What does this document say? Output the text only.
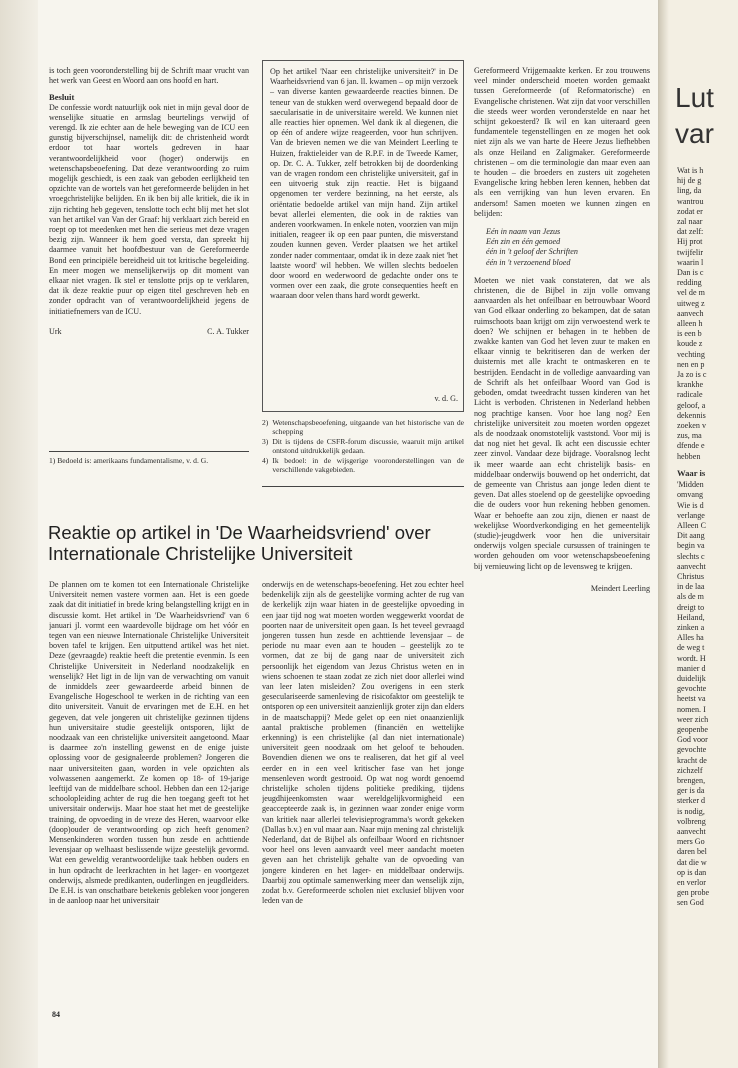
is toch geen vooronderstelling bij de Schrift maar vrucht van het werk van Geest en Woord aan ons hoofd en hart.

Besluit

De confessie wordt natuurlijk ook niet in mijn geval door de wenselijke situatie en armslag beurtelings verwijd of verengd. Ik zie echter aan de hele beweging van de ICU een gunstig bijverschijnsel, namelijk dit: de christenheid wordt erdoor tot haar wortels gedreven in haar verantwoordelijkheid voor (hoger) onderwijs en wetenschapsbeoefening. Dat deze verantwoording zo ruim mogelijk geschiedt, is een zaak van geboden eerlijkheid ten opzichte van de wortels van het gereformeerde belijden in het vroegchristelijke belijden. En ik ben bij alle kritiek, die ik in zijn richting heb gegeven, tenslotte toch echt blij met het slot van het artikel van Van der Graaf: hij verklaart zich bereid en roept op tot meedenken met hen die serieus met deze vragen bezig zijn. Wanneer ik hem goed versta, dan spreekt hij daarmee vanuit het hoofdbestuur van de Gereformeerde Bond een principiële bereidheid uit tot kritische begeleiding. En meer mogen we menselijkerwijs op dit moment van elkaar niet vragen. Ik stel er tenslotte prijs op te verklaren, dat ik deze reaktie puur op eigen titel geschreven heb en zonder opdracht van of verantwoordelijkheid jegens de initiatiefnemers van de ICU.

Urk	C. A. Tukker
1) Bedoeld is: amerikaans fundamentalisme, v. d. G.
Op het artikel 'Naar een christelijke universiteit?' in De Waarheidsvriend van 6 jan. ll. kwamen – op mijn verzoek – van diverse kanten gewaardeerde reacties binnen. De teneur van de stukken werd overwegend bepaald door de saecularisatie in de universitaire wereld. We kunnen niet alle reacties hier opnemen. Wel dank ik al diegenen, die op één of andere wijze reageerden, voor hun schrijven. Van de brieven nemen we die van Meindert Leerling te Huizen, fraktieleider van de R.P.F. in de Tweede Kamer, op. Dr. C. A. Tukker, zelf betrokken bij de doordenking van de vragen rondom een christelijke universiteit, gaf in een uitvoerig stuk zijn reactie. Het is bijgaand opgenomen ter verdere bezinning, na het eerste, als oriëntatie bedoelde artikel van mijn hand. Zijn artikel bevat allerlei elementen, die ook in de rakties van anderen voorkwamen. In enkele noten, voorzien van mijn initialen, reageer ik op een paar punten, die misverstand zouden kunnen geven. Verder plaatsen we het artikel zonder nader commentaar, omdat ik in deze zaak niet 'het laatste woord' wil hebben. We willen slechts bedoelen door woord en wederwoord de gedachte onder ons te vormen over een zaak, die grote consequenties heeft en waaraan door velen thans hard wordt gewerkt.
v. d. G.
2) Wetenschapsbeoefening, uitgaande van het historische van de schepping
3) Dit is tijdens de CSFR-forum discussie, waaruit mijn artikel ontstond uitdrukkelijk gedaan.
4) Ik bedoel: in de wijsgerige vooronderstellingen van de verschillende vakgebieden.

Gereformeerd Vrijgemaakte kerken. Er zou trouwens veel minder onderscheid moeten worden gemaakt tussen Gereformeerde (of Reformatorische) en Evangelische christenen. Wat zijn dat voor verschillen die steeds weer worden veronderstelde en naar het schijnt gekoesterd? Ik wil en kan uiteraard geen fundamentele tegenstellingen en ze mogen het ook niet zijn als we van harte de Heere Jezus liefhebben als onze Heiland en Zaligmaker. Gereformeerde christenen – om die terminologie dan maar even aan te houden – die broeders en zusters uit zogeheten Evangelische kring hebben leren kennen, hebben dat als een verrijking van hun leven ervaren. En andersom! Samen moeten we kunnen zingen en belijden:

Eén in naam van Jezus
Eén zin en één gemoed
één in 't geloof der Schriften
één in 't verzoenend bloed

Moeten we niet vaak constateren, dat we als christenen, die de Bijbel in zijn volle omvang aanvaarden als het onfeilbaar en betrouwbaar Woord van God elkaar onderling zo bekampen, dat de satan ruimschoots baan krijgt om zijn verwoestend werk te doen? We schijnen er behagen in te hebben de zwakke kanten van God het leven zuur te maken en elkaar vinnig te bekritiseren dan de werken der duisternis met alle kracht te ontmaskeren en te bestrijden. Eendacht in de volledige aanvaarding van de Schrift als het onfeilbaar Woord van God is geboden, omdat tweedracht tussen kinderen van het Licht is verboden. Christenen in Nederland hebben nog prachtige kansen. Voor hoe lang nog? Een christelijke universiteit zou moeten worden opgezet als de noodzaak onomstotelijk vaststond. Voor mij is dat nog niet het geval. Ik acht een discussie echter zeer zinvol. Vandaar deze bijdrage. Vooralsnog lecht ik meer waarde aan echt christelijk basis- en middelbaar onderwijs bouwend op het onderricht, dat de gemeente van Christus aan jonge leden dient te geven. Dat alles stoelend op de geestelijke opvoeding die de ouders voor hun rekening hebben genomen. Waar er behoefte aan zou zijn, dienen er naast de wekelijkse Woordverkondiging en het gemeentelijk (studie)-jeugdwerk voor hen die universitair onderwijs volgen speciale cursussen of trainingen te worden gehouden om voor wetenschapsbeoefening bij vernieuwing licht op de levensweg te krijgen.

Meindert Leerling
Reaktie op artikel in 'De Waarheidsvriend' over Internationale Christelijke Universiteit
De plannen om te komen tot een Internationale Christelijke Universiteit nemen vastere vormen aan. Het is een goede zaak dat dit initiatief in brede kring belangstelling krijgt en in discussie komt. Het artikel in 'De Waarheidsvriend' van 6 januari jl. vormt een waardevolle bijdrage om het vóór en tegen van een nieuwe Internationale Christelijke Universiteit boven tafel te krijgen. Een uitputtend artikel was het niet. Deze (gevraagde) reaktie heeft die pretentie evenmin. Is een Christelijke Universiteit in Nederland noodzakelijk en wenselijk? Het ligt in de lijn van de verwachting om vanuit de inmiddels zeer gewaardeerde arbeid binnen de Evangelische Hogeschool te werken in de richting van een dito universiteit. Vanuit de ervaringen met de E.H. en het gegeven, dat vele jongeren uit christelijke gezinnen tijdens hun universitaire studie geestelijk ontsporen, lijkt de noodzaak van een christelijke universiteit aangetoond. Maar is daarmee zo'n instelling gewenst en de enige juiste oplossing voor de gesignaleerde problemen? Jongeren die naar universiteiten gaan, worden in vele opzichten als volwassenen aangemerkt. Ze komen op 18- of 19-jarige leeftijd van de middelbare school. Hebben dan een 12-jarige schoolopleiding achter de rug die hen toegang geeft tot het universitair onderwijs. Maar hoe staat het met de geestelijke training, de opvoeding in de vreze des Heren, waarvoor elke (doop)ouder de verantwoording op zich heeft genomen? Mensenkinderen worden tussen hun zesde en achttiende levensjaar op welhaast beslissende wijze geestelijk gevormd. Wat een geweldig verantwoordelijke taak hebben ouders en in hun opdracht de leerkrachten in het lager- en voortgezet onderwijs, alsmede predikanten, ouderlingen en jeugdleiders. De E.H. is van onschatbare betekenis gebleken voor jongeren in de aanloop naar het universitair
onderwijs en de wetenschaps-beoefening. Het zou echter heel bedenkelijk zijn als de geestelijke vorming achter de rug van de kerkelijk zijn waar hiaten in de geestelijke opvoeding in een jaar tijd nog wat moeten worden weggewerkt voordat de poorten naar de universiteit open gaan. Is het teveel gevraagd jongeren tussen hun zesde en achttiende levensjaar – de periode nu maar even aan te houden – geestelijk zo te vormen, dat ze bij de gang naar de universiteit zich persoonlijk het eigendom van Jezus Christus weten en in wiens schoenen te staan zodat ze zich niet door allerlei wind van leer laten misleiden? Zou overigens in een sterk geseculariseerde samenleving de risicofaktor om geestelijk te ontsporen op een universiteit aanzienlijk groter zijn dan elders in de maatschappij? Mede gelet op een niet onaanzienlijk aantal praktische problemen (financiën en wettelijke erkenning) is een christelijke (al dan niet internationale) universiteit geen noodzaak om het geloof te behouden. Bovendien dienen we ons te realiseren, dat het gif al veel eerder en in een veel kritischer fase van het jonge mensenleven wordt gestrooid. Op wat nog wordt genoemd christelijke scholen tijdens politieke prediking, tijdens jeugdhijeenkomsten waar wereldgelijkvormigheid een geaccepteerde zaak is, in gezinnen waar zonder enige vorm van kritiek naar allerlei televisieprogramma's wordt gekeken (Dallas b.v.) en vul maar aan. Naar mijn mening zal christelijk Nederland, dat de Bijbel als onfeilbaar Woord en richtsnoer voor heel ons leven aanvaardt veel meer aandacht moeten geven aan het christelijk gehalte van de opvoeding van jongere kinderen en het lager- en middelbaar onderwijs. Daarbij zou optimale samenwerking meer dan wenselijk zijn, zodat b.v. Gereformeerde scholen niet exclusief blijven voor leden van de
84
Lut
var
Wat is h
hij de g
ling, da
wantrou
zodat er
zal naar
dat zelf:
Hij prot
twijfelir
waarin l
Dan is c
redding
vel de m
uitweg z
aanvech
alleen h
is een b
koude z
vechting
nen en p
Ja zo is c
krankhe
radicale
geloof, a
dekennis
zoeken v
zus, ma
dfende e
hebben
Waar is
'Midden
omvang
Wie is d
verlange
Alleen C
Dit aang
begin va
slechts c
aanvecht
Christus
in de laa
als de m
dreigt to
Heiland,
zinken a
Alles ha
de weg t
wordt. H
manier d
duidelijk
gevochte
heetst va
nomen. I
weer zich
geopenbe
God voor
gevochte
kracht de
zichzelf
brengen,
ger is da
sterker d
is nodig,
volbreng
aanvecht
mers Go
daren bel
dat die w
op is dan
en verlor
gen probe
sen God
